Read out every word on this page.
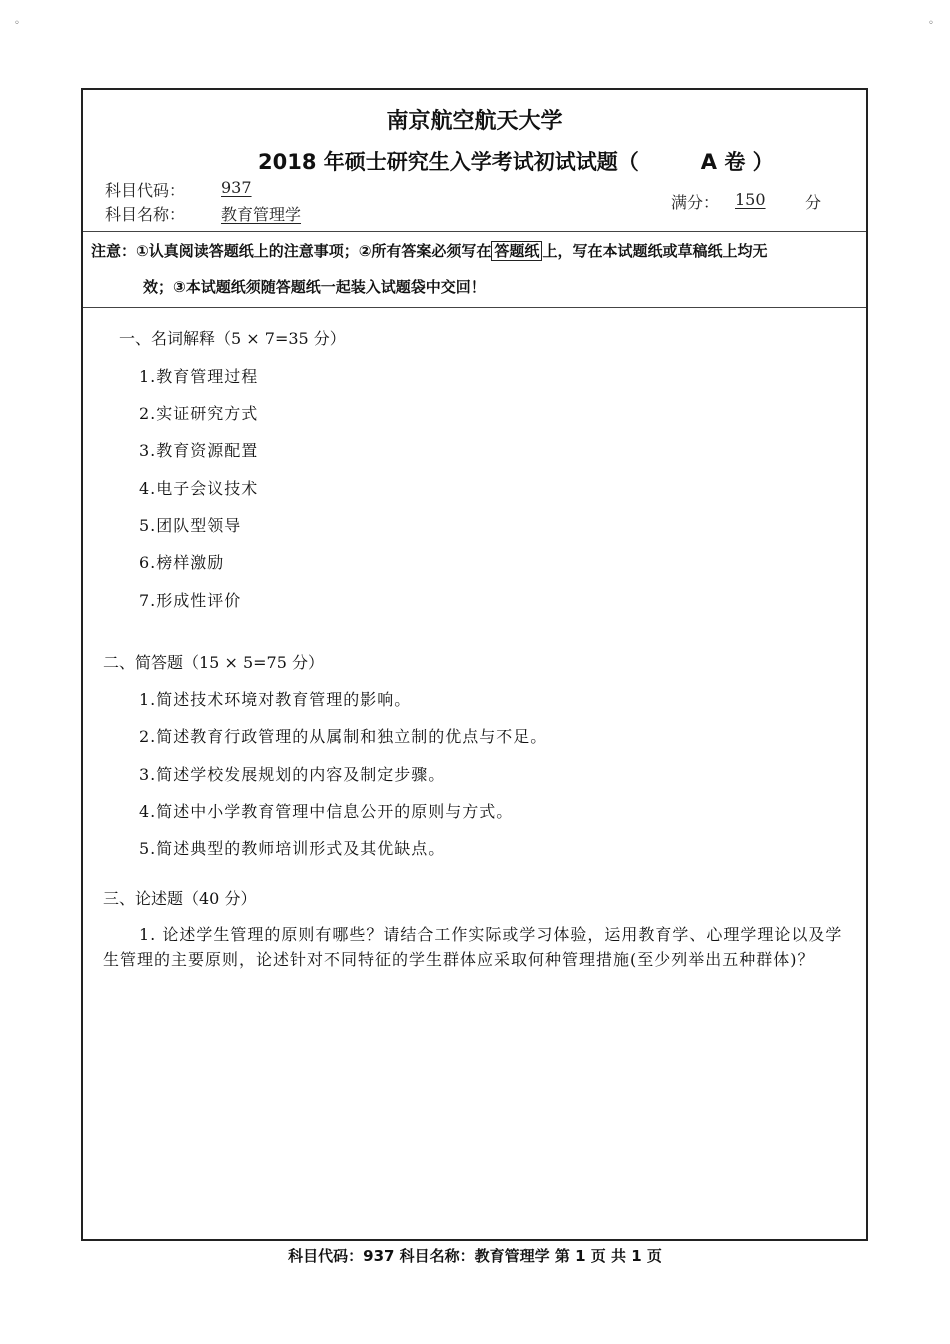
◦	◦
南京航空航天大学
2018 年硕士研究生入学考试初试试题（	A 卷 ）
科目代码： 937
科目名称： 教育管理学
满分： 150 分
注意：①认真阅读答题纸上的注意事项；②所有答案必须写在 答题纸 上，写在本试题纸或草稿纸上均无
效；③本试题纸须随答题纸一起装入试题袋中交回！
一、名词解释（5 × 7=35 分）
1.教育管理过程
2.实证研究方式
3.教育资源配置
4.电子会议技术
5.团队型领导
6.榜样激励
7.形成性评价
二、简答题（15 × 5=75 分）
1.简述技术环境对教育管理的影响。
2.简述教育行政管理的从属制和独立制的优点与不足。
3.简述学校发展规划的内容及制定步骤。
4.简述中小学教育管理中信息公开的原则与方式。
5.简述典型的教师培训形式及其优缺点。
三、论述题（40 分）
1. 论述学生管理的原则有哪些？请结合工作实际或学习体验，运用教育学、心理学理论以及学生管理的主要原则，论述针对不同特征的学生群体应采取何种管理措施(至少列举出五种群体)？
科目代码：937 科目名称：教育管理学 第 1 页 共 1 页
